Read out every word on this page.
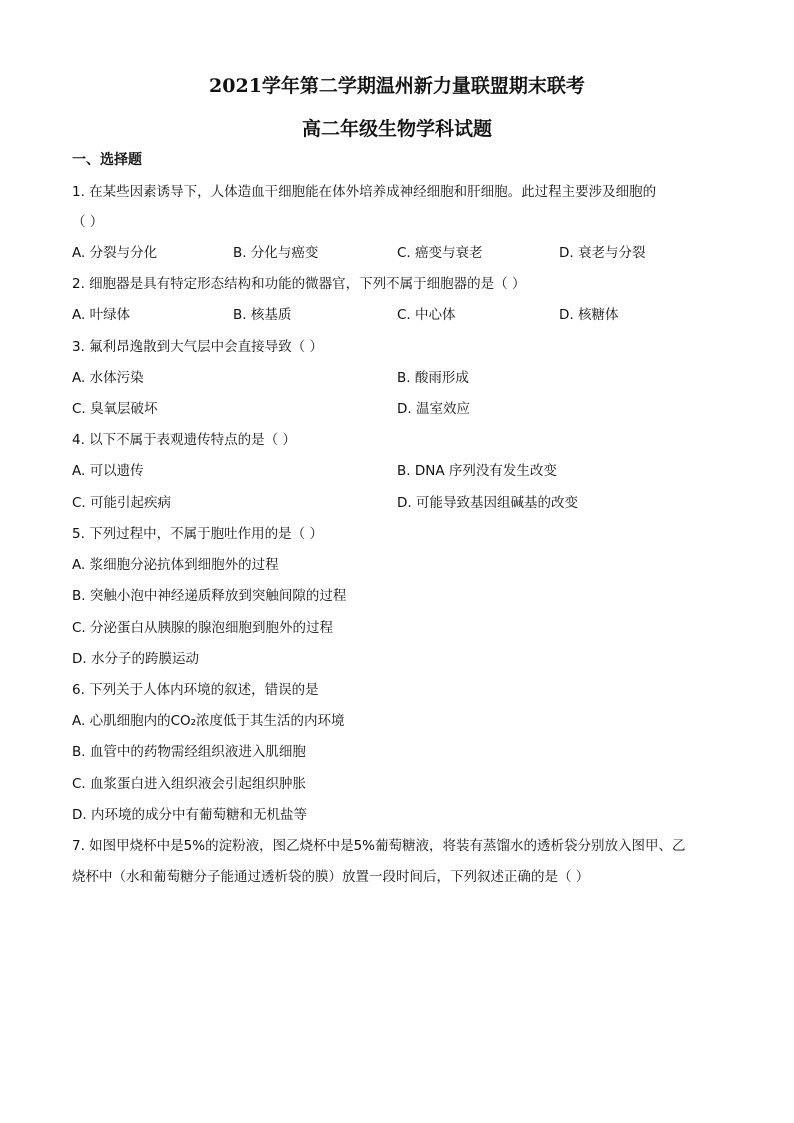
2021学年第二学期温州新力量联盟期末联考
高二年级生物学科试题
一、选择题
1. 在某些因素诱导下，人体造血干细胞能在体外培养成神经细胞和肝细胞。此过程主要涉及细胞的
（ ）
A. 分裂与分化	B. 分化与癌变	C. 癌变与衰老	D. 衰老与分裂
2. 细胞器是具有特定形态结构和功能的微器官，下列不属于细胞器的是（ ）
A. 叶绿体	B. 核基质	C. 中心体	D. 核糖体
3. 氟利昂逸散到大气层中会直接导致（ ）
A. 水体污染	B. 酸雨形成
C. 臭氧层破坏	D. 温室效应
4. 以下不属于表观遗传特点的是（ ）
A. 可以遗传	B. DNA 序列没有发生改变
C. 可能引起疾病	D. 可能导致基因组碱基的改变
5. 下列过程中，不属于胞吐作用的是（ ）
A. 浆细胞分泌抗体到细胞外的过程
B. 突触小泡中神经递质释放到突触间隙的过程
C. 分泌蛋白从胰腺的腺泡细胞到胞外的过程
D. 水分子的跨膜运动
6. 下列关于人体内环境的叙述，错误的是
A. 心肌细胞内的CO₂浓度低于其生活的内环境
B. 血管中的药物需经组织液进入肌细胞
C. 血浆蛋白进入组织液会引起组织肿胀
D. 内环境的成分中有葡萄糖和无机盐等
7. 如图甲烧杯中是5%的淀粉液，图乙烧杯中是5%葡萄糖液，将装有蒸馏水的透析袋分别放入图甲、乙
烧杯中（水和葡萄糖分子能通过透析袋的膜）放置一段时间后，下列叙述正确的是（ ）
